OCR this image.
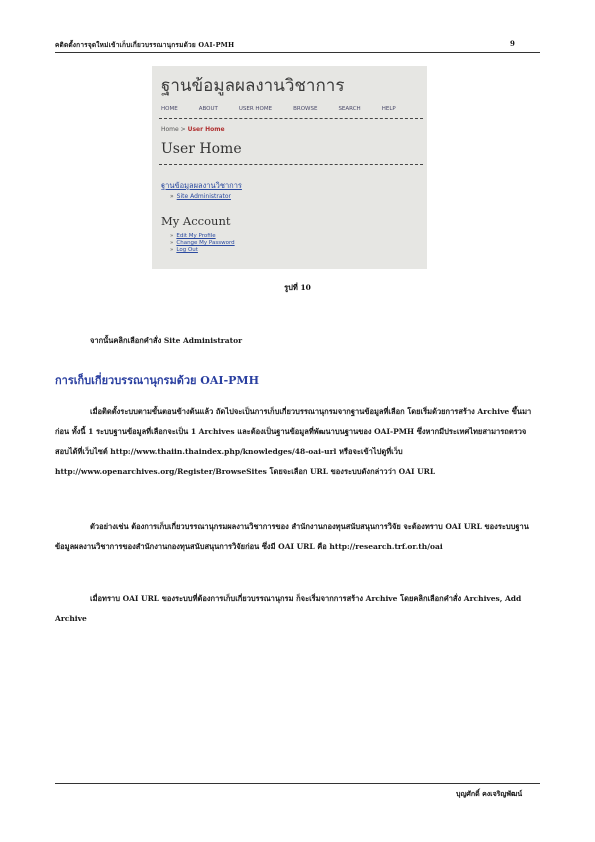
คติดตั้งการจุดใหม่เข้าเก็บเกี่ยวบรรณานุกรมด้วย OAI-PMH	9
ฐานข้อมูลผลงานวิชาการ
HOME	ABOUT	USER HOME	BROWSE	SEARCH	HELP
Home > User Home
User Home
ฐานข้อมูลผลงานวิชาการ
» Site Administrator
My Account
» Edit My Profile
» Change My Password
» Log Out
รูปที่ 10
จากนั้นคลิกเลือกคำสั่ง Site Administrator
การเก็บเกี่ยวบรรณานุกรมด้วย OAI-PMH
เมื่อติดตั้งระบบตามขั้นตอนข้างต้นแล้ว ถัดไปจะเป็นการเก็บเกี่ยวบรรณานุกรมจากฐานข้อมูลที่เลือก โดยเริ่มด้วยการสร้าง Archive ขึ้นมาก่อน ทั้งนี้ 1 ระบบฐานข้อมูลที่เลือกจะเป็น 1 Archives และต้องเป็นฐานข้อมูลที่พัฒนาบนฐานของ OAI-PMH ซึ่งหากมีประเทศไทยสามารถตรวจสอบได้ที่เว็บไซต์ http://www.thaiin.thaindex.php/knowledges/48-oai-url หรือจะเข้าไปดูที่เว็บ http://www.openarchives.org/Register/BrowseSites โดยจะเลือก URL ของระบบดังกล่าวว่า OAI URL
ตัวอย่างเช่น ต้องการเก็บเกี่ยวบรรณานุกรมผลงานวิชาการของ สำนักงานกองทุนสนับสนุนการวิจัย จะต้องทราบ OAI URL ของระบบฐานข้อมูลผลงานวิชาการของสำนักงานกองทุนสนับสนุนการวิจัยก่อน ซึ่งมี OAI URL คือ http://research.trf.or.th/oai
เมื่อทราบ OAI URL ของระบบที่ต้องการเก็บเกี่ยวบรรณานุกรม ก็จะเริ่มจากการสร้าง Archive โดยคลิกเลือกคำสั่ง Archives, Add Archive
บุญศักดิ์ คงเจริญพัฒน์
